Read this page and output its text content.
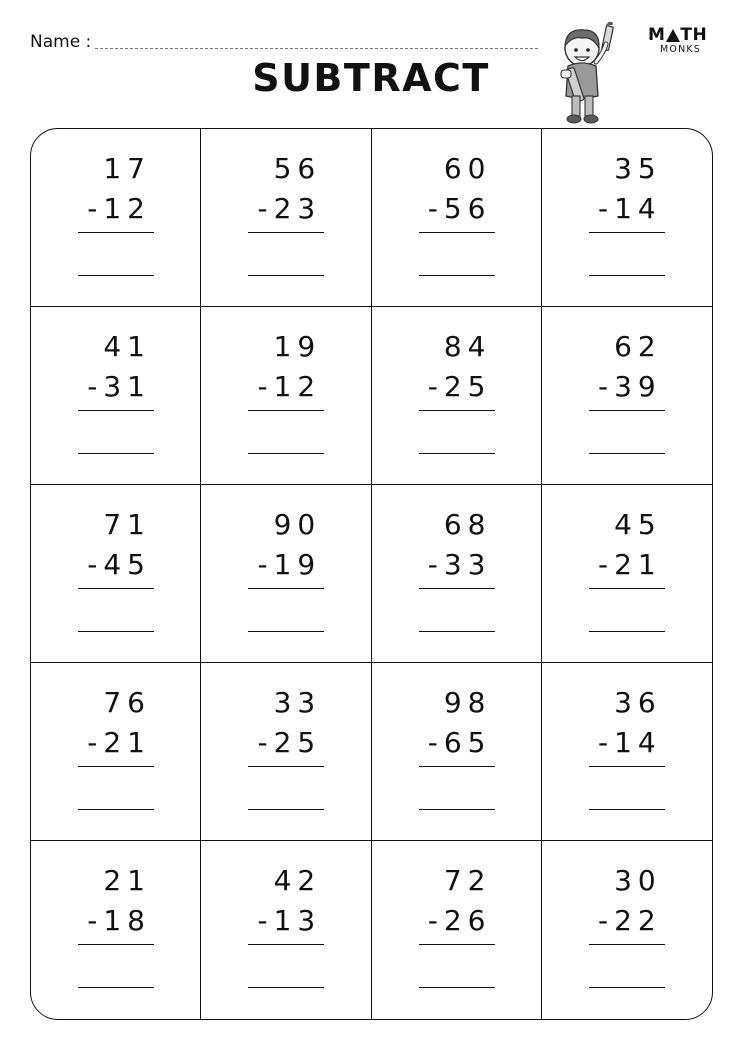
Name :
SUBTRACT
M TH
MONKS
17
-12
56
-23
60
-56
35
-14
41
-31
19
-12
84
-25
62
-39
71
-45
90
-19
68
-33
45
-21
76
-21
33
-25
98
-65
36
-14
21
-18
42
-13
72
-26
30
-22
